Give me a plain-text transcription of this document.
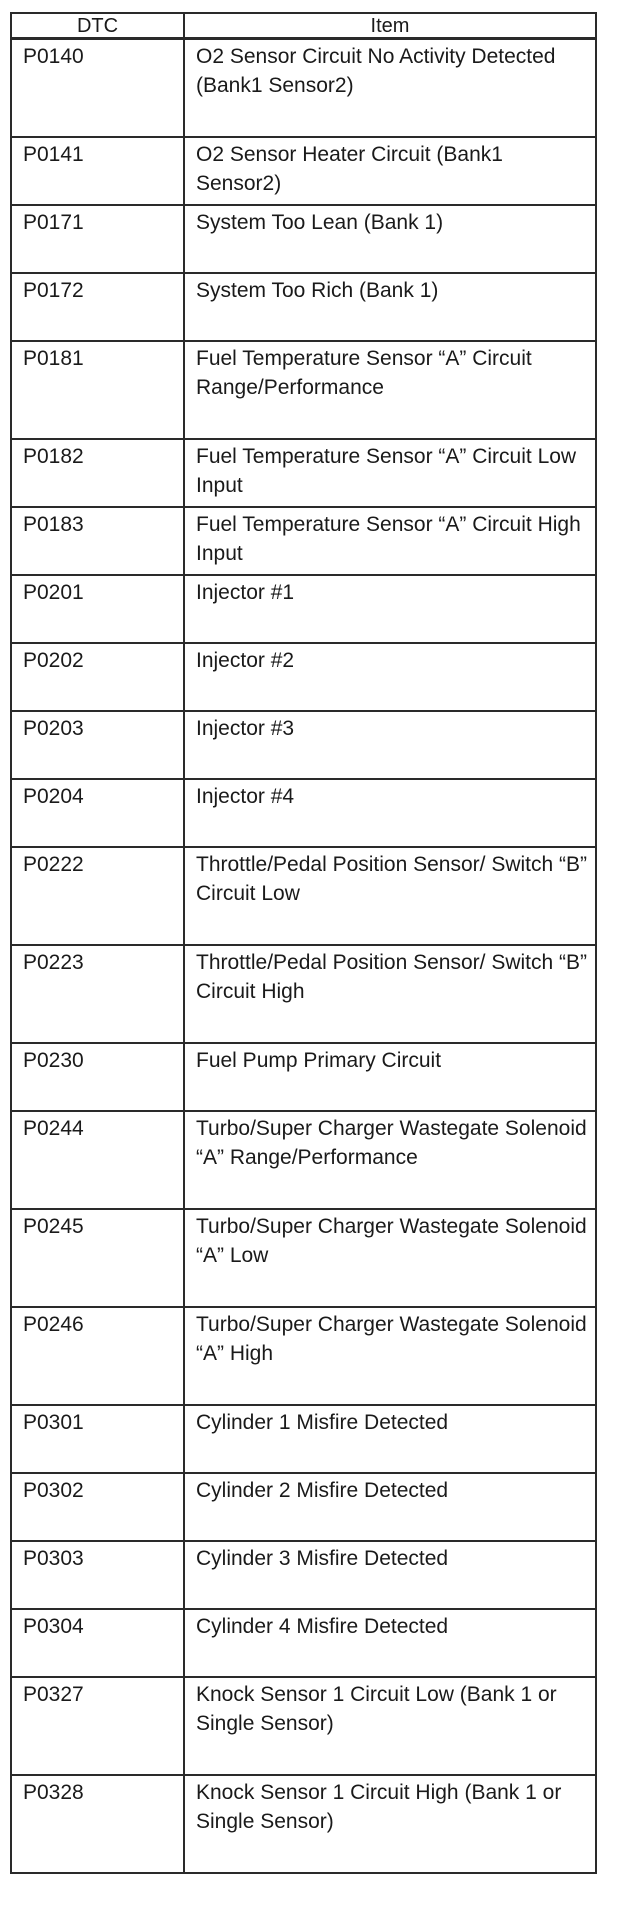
DTC	Item
P0140	O2 Sensor Circuit No Activity Detected (Bank1 Sensor2)
P0141	O2 Sensor Heater Circuit (Bank1 Sensor2)
P0171	System Too Lean (Bank 1)
P0172	System Too Rich (Bank 1)
P0181	Fuel Temperature Sensor “A” Circuit Range/Performance
P0182	Fuel Temperature Sensor “A” Circuit Low Input
P0183	Fuel Temperature Sensor “A” Circuit High Input
P0201	Injector #1
P0202	Injector #2
P0203	Injector #3
P0204	Injector #4
P0222	Throttle/Pedal Position Sensor/ Switch “B” Circuit Low
P0223	Throttle/Pedal Position Sensor/ Switch “B” Circuit High
P0230	Fuel Pump Primary Circuit
P0244	Turbo/Super Charger Wastegate Solenoid “A” Range/Performance
P0245	Turbo/Super Charger Wastegate Solenoid “A” Low
P0246	Turbo/Super Charger Wastegate Solenoid “A” High
P0301	Cylinder 1 Misfire Detected
P0302	Cylinder 2 Misfire Detected
P0303	Cylinder 3 Misfire Detected
P0304	Cylinder 4 Misfire Detected
P0327	Knock Sensor 1 Circuit Low (Bank 1 or Single Sensor)
P0328	Knock Sensor 1 Circuit High (Bank 1 or Single Sensor)
